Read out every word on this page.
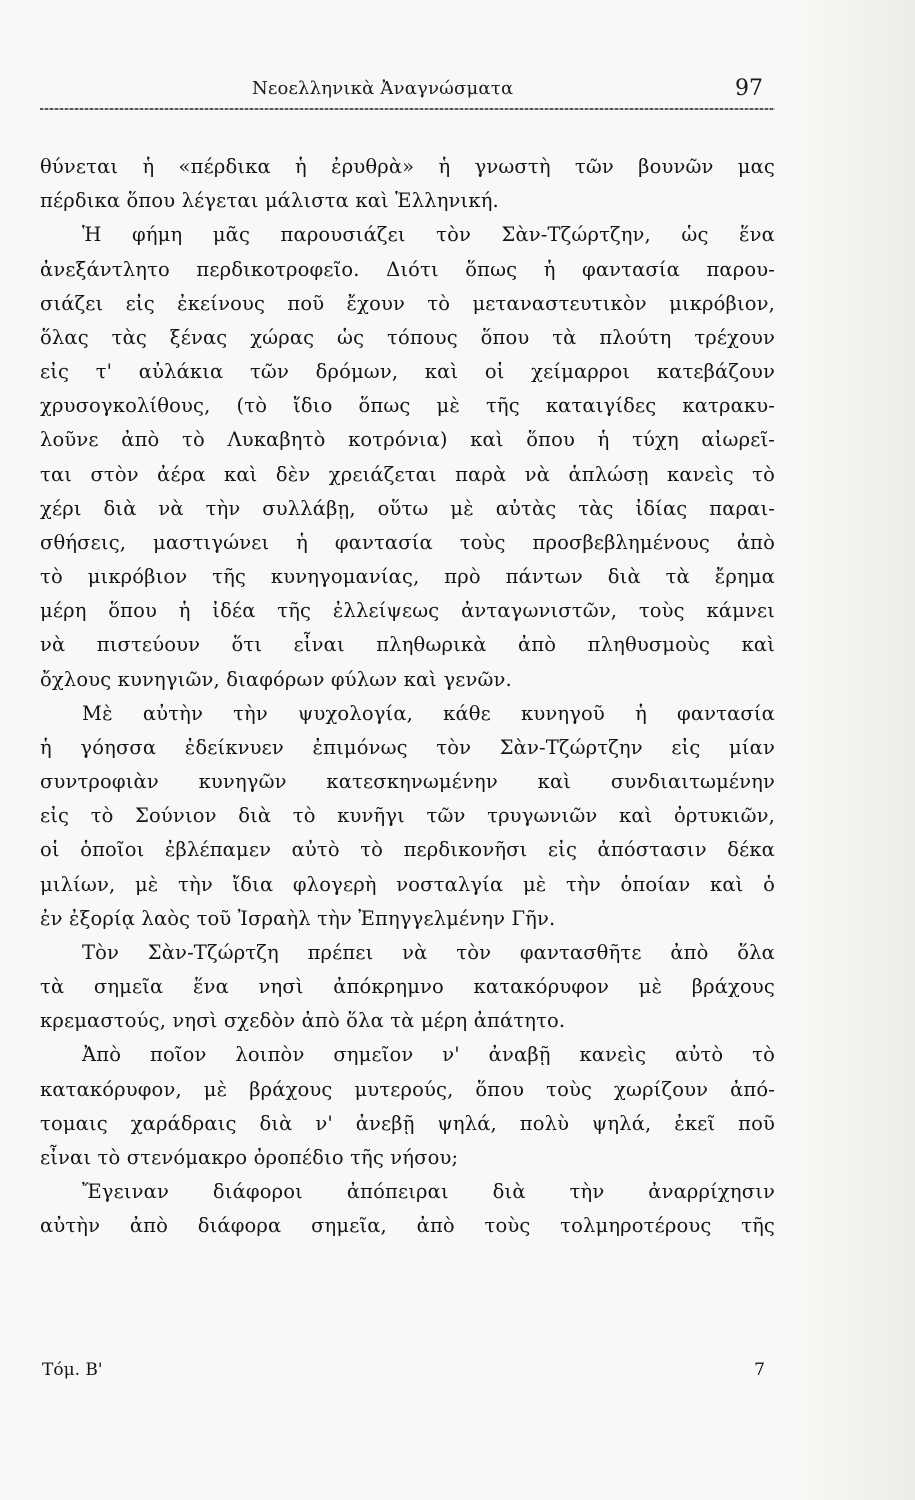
Νεοελληνικὰ Ἀναγνώσματα	97
θύνεται ἡ «πέρδικα ἡ ἐρυθρὰ» ἡ γνωστὴ τῶν βουνῶν μας
πέρδικα ὅπου λέγεται μάλιστα καὶ Ἑλληνική.
Ἡ φήμη μᾶς παρουσιάζει τὸν Σὰν-Τζώρτζην, ὡς ἕνα
ἀνεξάντλητο περδικοτροφεῖο. Διότι ὅπως ἡ φαντασία παρου-
σιάζει εἰς ἐκείνους ποῦ ἔχουν τὸ μεταναστευτικὸν μικρόβιον,
ὅλας τὰς ξένας χώρας ὡς τόπους ὅπου τὰ πλούτη τρέχουν
εἰς τ' αὐλάκια τῶν δρόμων, καὶ οἱ χείμαρροι κατεβάζουν
χρυσογκολίθους, (τὸ ἴδιο ὅπως μὲ τῆς καταιγίδες κατρακυ-
λοῦνε ἀπὸ τὸ Λυκαβητὸ κοτρόνια) καὶ ὅπου ἡ τύχη αἰωρεῖ-
ται στὸν ἀέρα καὶ δὲν χρειάζεται παρὰ νὰ ἁπλώσῃ κανεὶς τὸ
χέρι διὰ νὰ τὴν συλλάβῃ, οὕτω μὲ αὐτὰς τὰς ἰδίας παραι-
σθήσεις, μαστιγώνει ἡ φαντασία τοὺς προσβεβλημένους ἀπὸ
τὸ μικρόβιον τῆς κυνηγομανίας, πρὸ πάντων διὰ τὰ ἔρημα
μέρη ὅπου ἡ ἰδέα τῆς ἐλλείψεως ἀνταγωνιστῶν, τοὺς κάμνει
νὰ πιστεύουν ὅτι εἶναι πληθωρικὰ ἀπὸ πληθυσμοὺς καὶ
ὄχλους κυνηγιῶν, διαφόρων φύλων καὶ γενῶν.
Μὲ αὐτὴν τὴν ψυχολογία, κάθε κυνηγοῦ ἡ φαντασία
ἡ γόησσα ἐδείκνυεν ἐπιμόνως τὸν Σὰν-Τζώρτζην εἰς μίαν
συντροφιὰν κυνηγῶν κατεσκηνωμένην καὶ συνδιαιτωμένην
εἰς τὸ Σούνιον διὰ τὸ κυνῆγι τῶν τρυγωνιῶν καὶ ὀρτυκιῶν,
οἱ ὁποῖοι ἐβλέπαμεν αὐτὸ τὸ περδικονῆσι εἰς ἀπόστασιν δέκα
μιλίων, μὲ τὴν ἴδια φλογερὴ νοσταλγία μὲ τὴν ὁποίαν καὶ ὁ
ἐν ἐξορίᾳ λαὸς τοῦ Ἰσραὴλ τὴν Ἐπηγγελμένην Γῆν.
Τὸν Σὰν-Τζώρτζη πρέπει νὰ τὸν φαντασθῆτε ἀπὸ ὅλα
τὰ σημεῖα ἕνα νησὶ ἀπόκρημνο κατακόρυφον μὲ βράχους
κρεμαστούς, νησὶ σχεδὸν ἀπὸ ὅλα τὰ μέρη ἀπάτητο.
Ἀπὸ ποῖον λοιπὸν σημεῖον ν' ἀναβῇ κανεὶς αὐτὸ τὸ
κατακόρυφον, μὲ βράχους μυτερούς, ὅπου τοὺς χωρίζουν ἀπό-
τομαις χαράδραις διὰ ν' ἀνεβῇ ψηλά, πολὺ ψηλά, ἐκεῖ ποῦ
εἶναι τὸ στενόμακρο ὀροπέδιο τῆς νήσου;
Ἔγειναν διάφοροι ἀπόπειραι διὰ τὴν ἀναρρίχησιν
αὐτὴν ἀπὸ διάφορα σημεῖα, ἀπὸ τοὺς τολμηροτέρους τῆς
Τόμ. Β'	7
